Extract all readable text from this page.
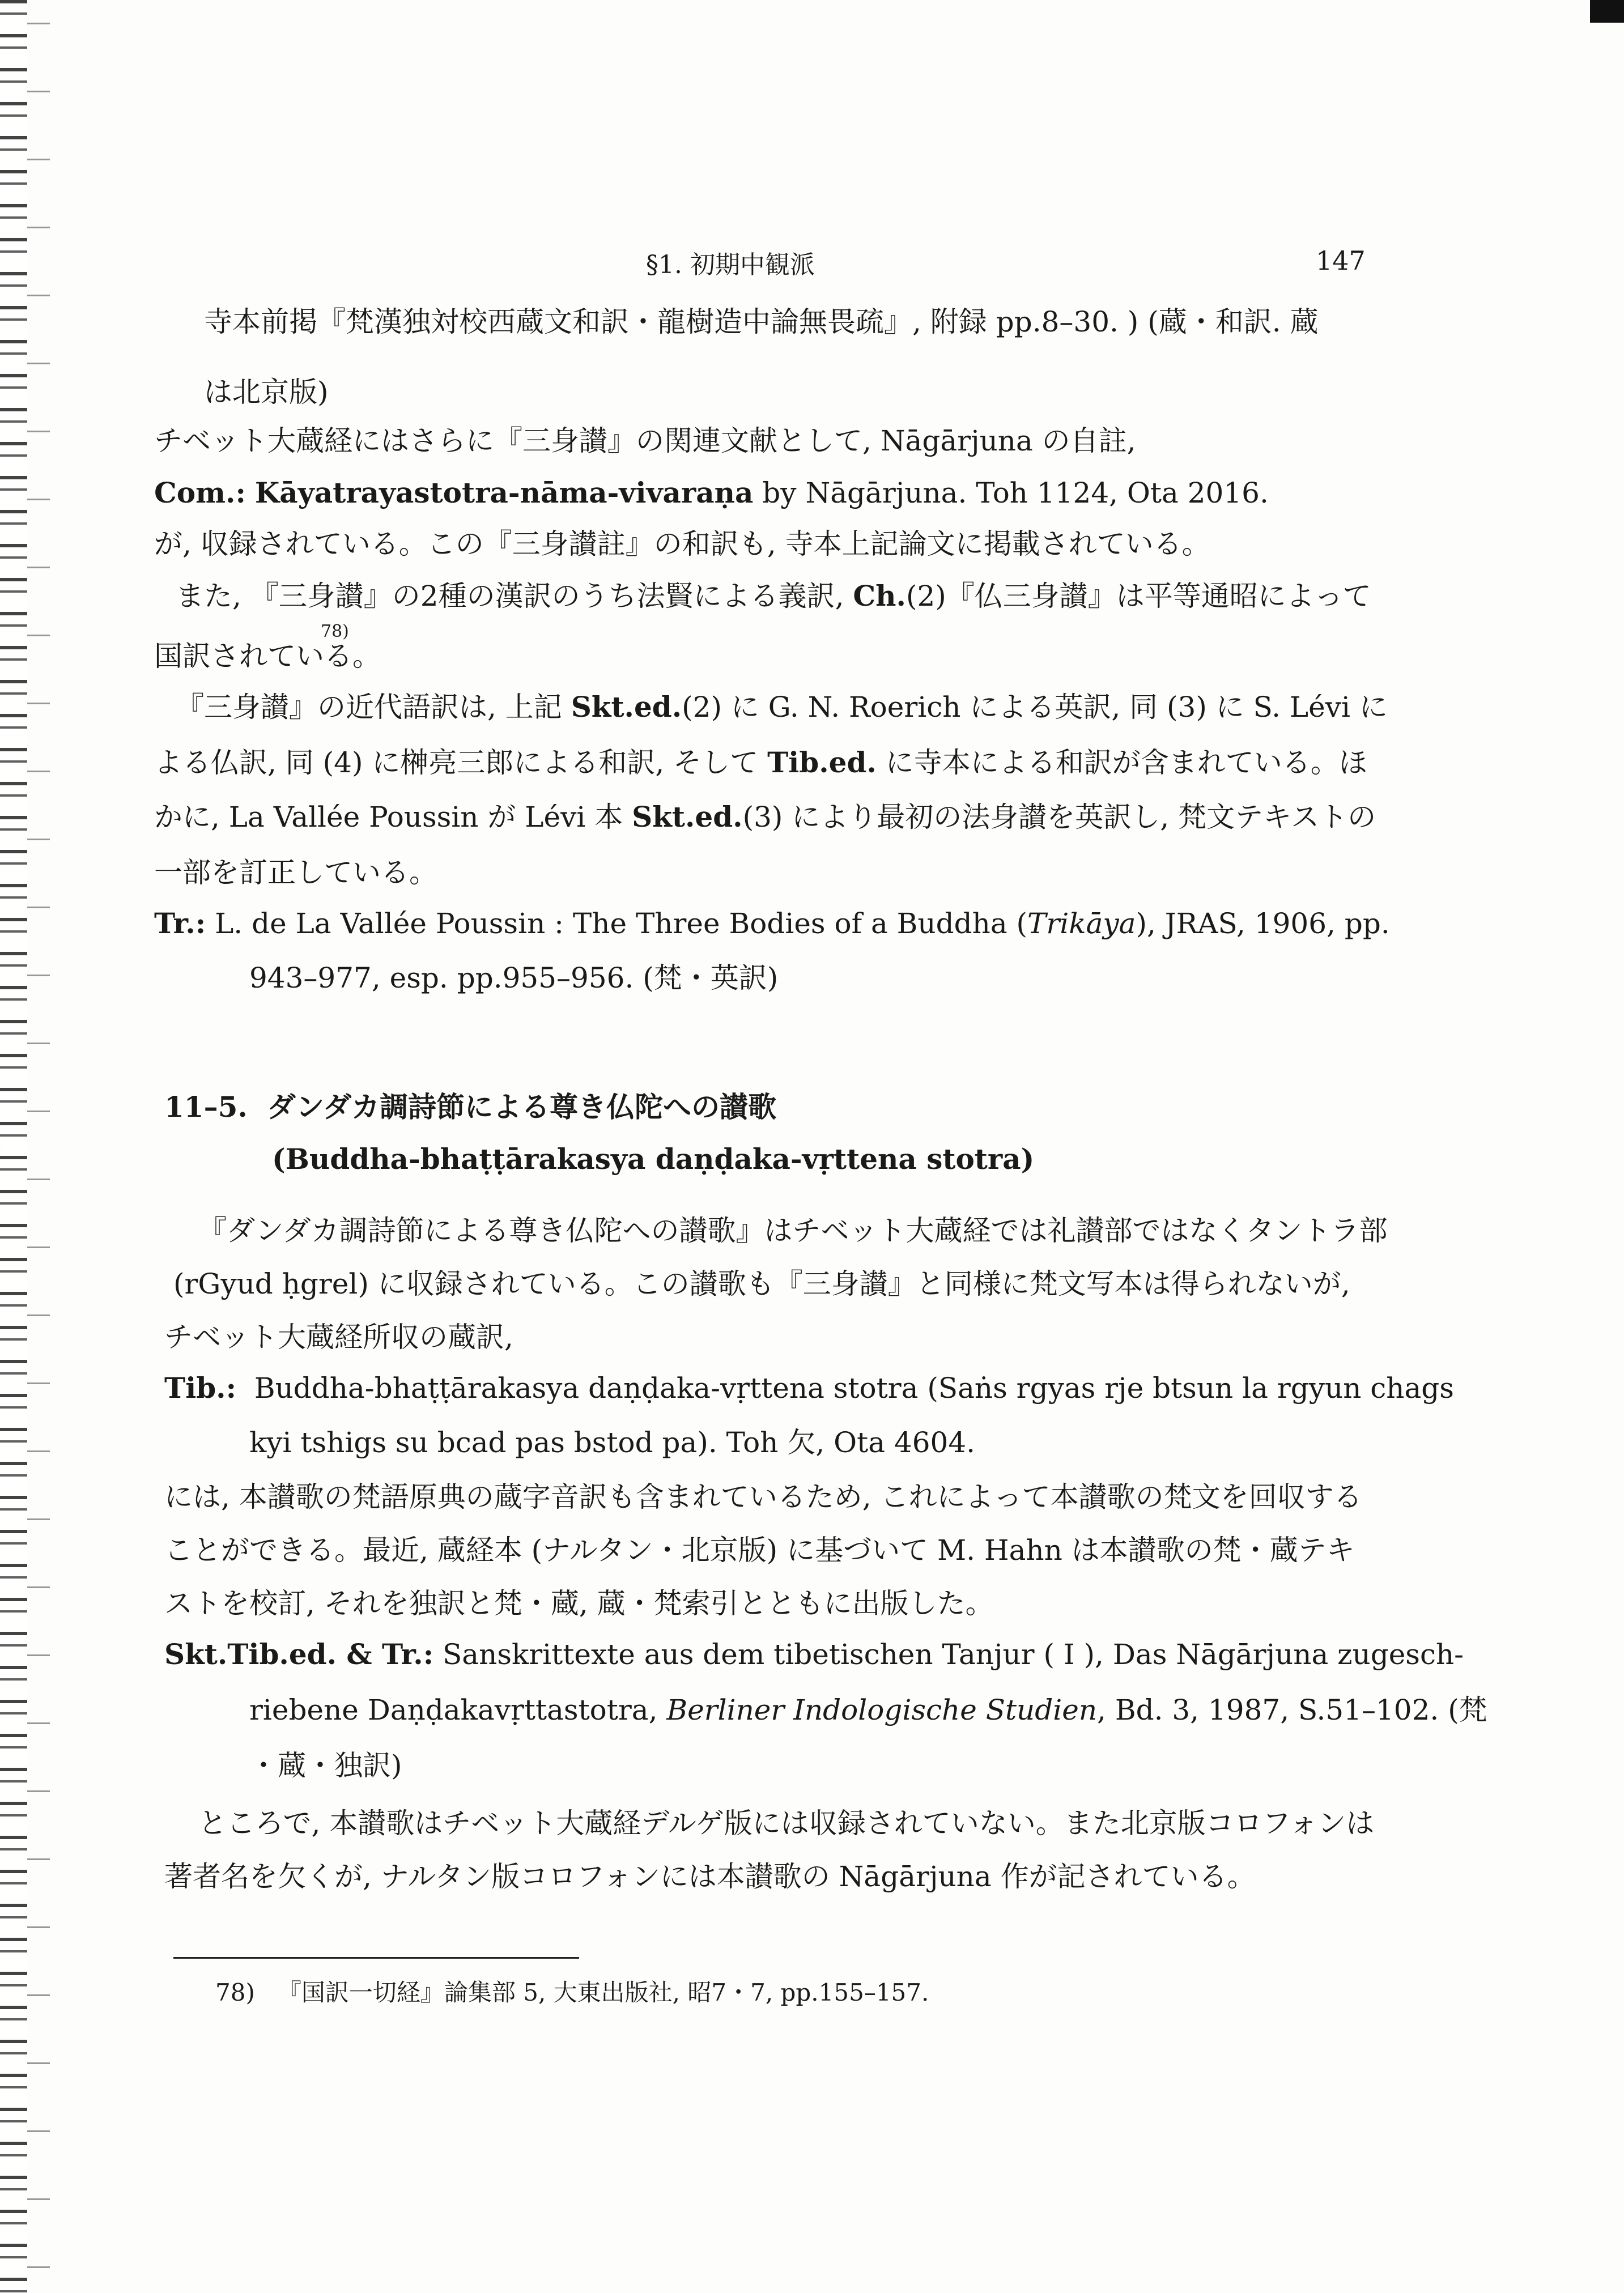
§1. 初期中観派	147
寺本前掲『梵漢独対校西蔵文和訳・龍樹造中論無畏疏』, 附録 pp.8–30. ) (蔵・和訳. 蔵
は北京版)
チベット大蔵経にはさらに『三身讃』の関連文献として, Nāgārjuna の自註,
Com.: Kāyatrayastotra-nāma-vivaraṇa by Nāgārjuna. Toh 1124, Ota 2016.
が, 収録されている。この『三身讃註』の和訳も, 寺本上記論文に掲載されている。
また, 『三身讃』の2種の漢訳のうち法賢による義訳, Ch.(2)『仏三身讃』は平等通昭によって
78)
国訳されている。
『三身讃』の近代語訳は, 上記 Skt.ed.(2) に G. N. Roerich による英訳, 同 (3) に S. Lévi に
よる仏訳, 同 (4) に榊亮三郎による和訳, そして Tib.ed. に寺本による和訳が含まれている。ほ
かに, La Vallée Poussin が Lévi 本 Skt.ed.(3) により最初の法身讃を英訳し, 梵文テキストの
一部を訂正している。
Tr.: L. de La Vallée Poussin : The Three Bodies of a Buddha (Trikāya), JRAS, 1906, pp.
943–977, esp. pp.955–956. (梵・英訳)
11–5. ダンダカ調詩節による尊き仏陀への讃歌
(Buddha-bhaṭṭārakasya daṇḍaka-vṛttena stotra)
『ダンダカ調詩節による尊き仏陀への讃歌』はチベット大蔵経では礼讃部ではなくタントラ部
(rGyud ḥgrel) に収録されている。この讃歌も『三身讃』と同様に梵文写本は得られないが,
チベット大蔵経所収の蔵訳,
Tib.: Buddha-bhaṭṭārakasya daṇḍaka-vṛttena stotra (Saṅs rgyas rje btsun la rgyun chags
kyi tshigs su bcad pas bstod pa). Toh 欠, Ota 4604.
には, 本讃歌の梵語原典の蔵字音訳も含まれているため, これによって本讃歌の梵文を回収する
ことができる。最近, 蔵経本 (ナルタン・北京版) に基づいて M. Hahn は本讃歌の梵・蔵テキ
ストを校訂, それを独訳と梵・蔵, 蔵・梵索引とともに出版した。
Skt.Tib.ed. & Tr.: Sanskrittexte aus dem tibetischen Tanjur ( I ), Das Nāgārjuna zugesch-
riebene Daṇḍakavṛttastotra, Berliner Indologische Studien, Bd. 3, 1987, S.51–102. (梵
・蔵・独訳)
ところで, 本讃歌はチベット大蔵経デルゲ版には収録されていない。また北京版コロフォンは
著者名を欠くが, ナルタン版コロフォンには本讃歌の Nāgārjuna 作が記されている。
78) 『国訳一切経』論集部 5, 大東出版社, 昭7・7, pp.155–157.
